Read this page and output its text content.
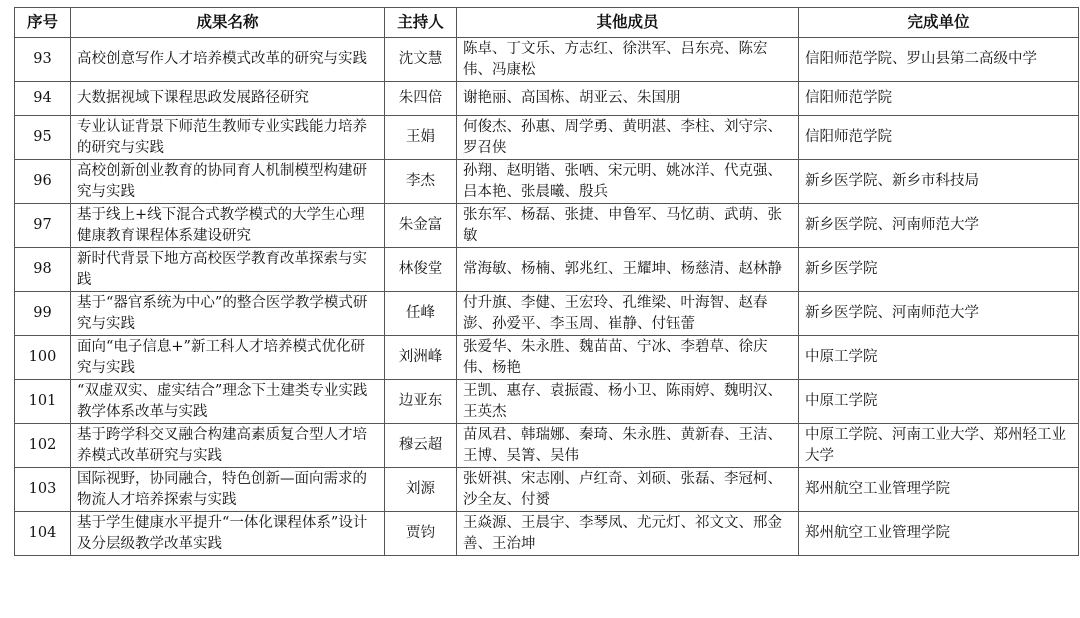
序号	成果名称	主持人	其他成员	完成单位
93	高校创意写作人才培养模式改革的研究与实践	沈文慧	陈卓、丁文乐、方志红、徐洪军、吕东亮、陈宏伟、冯康松	信阳师范学院、罗山县第二高级中学
94	大数据视域下课程思政发展路径研究	朱四倍	谢艳丽、高国栋、胡亚云、朱国朋	信阳师范学院
95	专业认证背景下师范生教师专业实践能力培养的研究与实践	王娟	何俊杰、孙惠、周学勇、黄明湛、李柱、刘守宗、罗召侠	信阳师范学院
96	高校创新创业教育的协同育人机制模型构建研究与实践	李杰	孙翔、赵明锴、张哂、宋元明、姚冰洋、代克强、吕本艳、张晨曦、殷兵	新乡医学院、新乡市科技局
97	基于线上+线下混合式教学模式的大学生心理健康教育课程体系建设研究	朱金富	张东军、杨磊、张捷、申鲁军、马忆萌、武萌、张敏	新乡医学院、河南师范大学
98	新时代背景下地方高校医学教育改革探索与实践	林俊堂	常海敏、杨楠、郭兆红、王耀坤、杨慈清、赵林静	新乡医学院
99	基于“器官系统为中心”的整合医学教学模式研究与实践	任峰	付升旗、李健、王宏玲、孔维梁、叶海智、赵春澎、孙爱平、李玉周、崔静、付钰蕾	新乡医学院、河南师范大学
100	面向“电子信息+”新工科人才培养模式优化研究与实践	刘洲峰	张爱华、朱永胜、魏苗苗、宁冰、李碧草、徐庆伟、杨艳	中原工学院
101	“双虚双实、虚实结合”理念下土建类专业实践教学体系改革与实践	边亚东	王凯、惠存、袁振霞、杨小卫、陈雨婷、魏明汉、王英杰	中原工学院
102	基于跨学科交叉融合构建高素质复合型人才培养模式改革研究与实践	穆云超	苗凤君、韩瑞娜、秦琦、朱永胜、黄新春、王洁、王博、吴箐、吴伟	中原工学院、河南工业大学、郑州轻工业大学
103	国际视野，协同融合，特色创新—面向需求的物流人才培养探索与实践	刘源	张妍祺、宋志刚、卢红奇、刘硕、张磊、李冠柯、沙全友、付赟	郑州航空工业管理学院
104	基于学生健康水平提升“一体化课程体系”设计及分层级教学改革实践	贾钧	王焱源、王晨宇、李琴凤、尤元灯、祁文文、邢金善、王治坤	郑州航空工业管理学院
